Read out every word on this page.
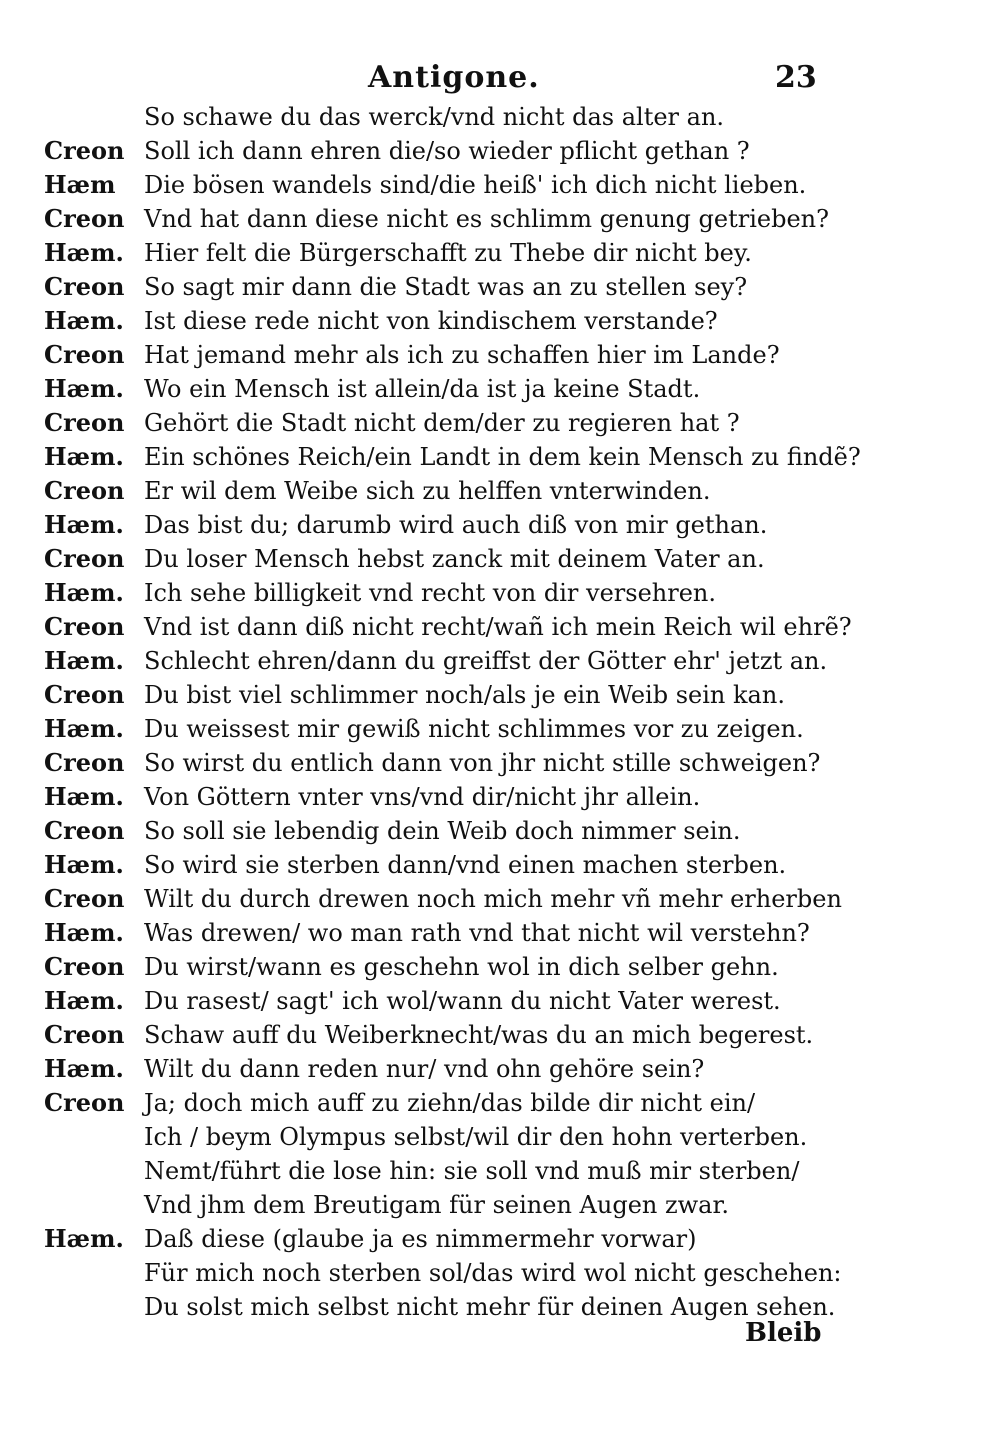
Antigone.	23
So schawe du das werck/vnd nicht das alter an.
Creon Soll ich dann ehren die/so wieder pflicht gethan ?
Hæm	Die bösen wandels sind/die heiß' ich dich nicht lieben.
Creon Vnd hat dann diese nicht es schlimm genung getrieben?
Hæm. Hier felt die Bürgerschafft zu Thebe dir nicht bey.
Creon So sagt mir dann die Stadt was an zu stellen sey?
Hæm. Ist diese rede nicht von kindischem verstande?
Creon Hat jemand mehr als ich zu schaffen hier im Lande?
Hæm. Wo ein Mensch ist allein/da ist ja keine Stadt.
Creon Gehört die Stadt nicht dem/der zu regieren hat ?
Hæm. Ein schönes Reich/ein Landt in dem kein Mensch zu findẽ?
Creon Er wil dem Weibe sich zu helffen vnterwinden.
Hæm. Das bist du; darumb wird auch diß von mir gethan.
Creon Du loser Mensch hebst zanck mit deinem Vater an.
Hæm. Ich sehe billigkeit vnd recht von dir versehren.
Creon Vnd ist dann diß nicht recht/wañ ich mein Reich wil ehrẽ?
Hæm. Schlecht ehren/dann du greiffst der Götter ehr' jetzt an.
Creon Du bist viel schlimmer noch/als je ein Weib sein kan.
Hæm. Du weissest mir gewiß nicht schlimmes vor zu zeigen.
Creon So wirst du entlich dann von jhr nicht stille schweigen?
Hæm. Von Göttern vnter vns/vnd dir/nicht jhr allein.
Creon So soll sie lebendig dein Weib doch nimmer sein.
Hæm. So wird sie sterben dann/vnd einen machen sterben.
Creon Wilt du durch drewen noch mich mehr vñ mehr erherben
Hæm. Was drewen/ wo man rath vnd that nicht wil verstehn?
Creon Du wirst/wann es geschehn wol in dich selber gehn.
Hæm. Du rasest/ sagt' ich wol/wann du nicht Vater werest.
Creon Schaw auff du Weiberknecht/was du an mich begerest.
Hæm. Wilt du dann reden nur/ vnd ohn gehöre sein?
Creon Ja; doch mich auff zu ziehn/das bilde dir nicht ein/
Ich / beym Olympus selbst/wil dir den hohn verterben.
Nemt/führt die lose hin: sie soll vnd muß mir sterben/
Vnd jhm dem Breutigam für seinen Augen zwar.
Hæm. Daß diese (glaube ja es nimmermehr vorwar)
Für mich noch sterben sol/das wird wol nicht geschehen:
Du solst mich selbst nicht mehr für deinen Augen sehen.
Bleib
